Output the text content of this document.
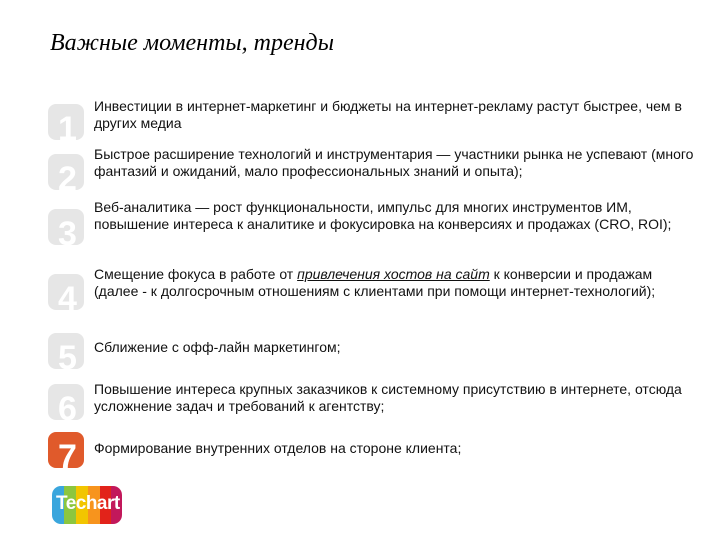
Важные моменты, тренды
1
Инвестиции в интернет-маркетинг и бюджеты на интернет-рекламу растут быстрее, чем в других медиа
2
Быстрое расширение технологий и инструментария — участники рынка не успевают (много фантазий и ожиданий, мало профессиональных знаний и опыта);
3
Веб-аналитика — рост функциональности, импульс для многих инструментов ИМ, повышение интереса к аналитике и фокусировка на конверсиях и продажах (CRO, ROI);
4
Смещение фокуса в работе от привлечения хостов на сайт к конверсии и продажам (далее - к долгосрочным отношениям с клиентами при помощи интернет-технологий);
5 Сближение с офф-лайн маркетингом;
6
Повышение интереса крупных заказчиков к системному присутствию в интернете, отсюда усложнение задач и требований к агентству;
7 Формирование внутренних отделов на стороне клиента;
Techart
